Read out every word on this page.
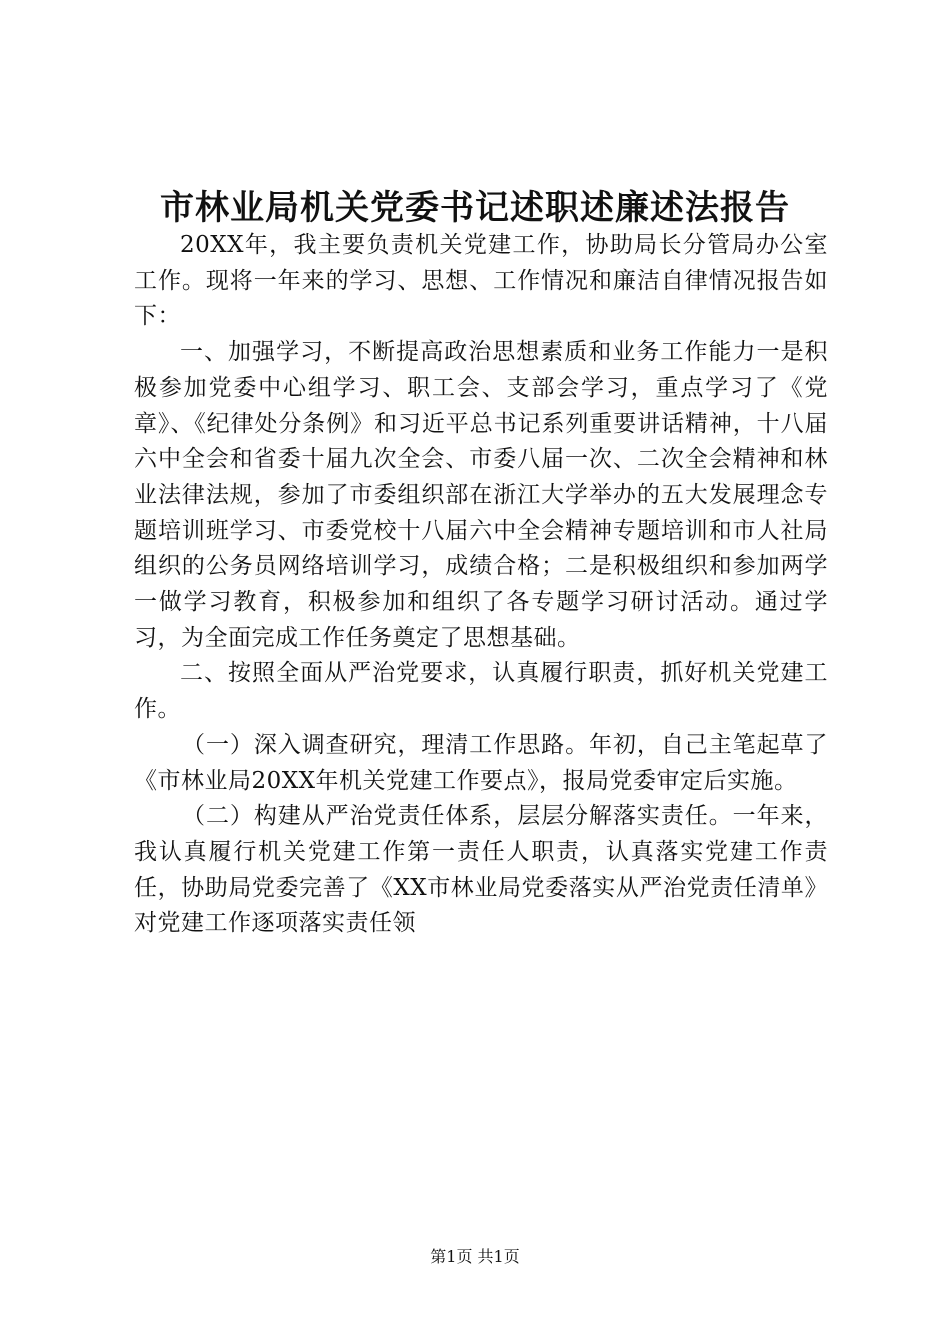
市林业局机关党委书记述职述廉述法报告

20XX年，我主要负责机关党建工作，协助局长分管局办公室工作。现将一年来的学习、思想、工作情况和廉洁自律情况报告如下：

一、加强学习，不断提高政治思想素质和业务工作能力一是积极参加党委中心组学习、职工会、支部会学习，重点学习了《党章》、《纪律处分条例》和习近平总书记系列重要讲话精神，十八届六中全会和省委十届九次全会、市委八届一次、二次全会精神和林业法律法规，参加了市委组织部在浙江大学举办的五大发展理念专题培训班学习、市委党校十八届六中全会精神专题培训和市人社局组织的公务员网络培训学习，成绩合格；二是积极组织和参加两学一做学习教育，积极参加和组织了各专题学习研讨活动。通过学习，为全面完成工作任务奠定了思想基础。

二、按照全面从严治党要求，认真履行职责，抓好机关党建工作。

（一）深入调查研究，理清工作思路。年初，自己主笔起草了《市林业局20XX年机关党建工作要点》，报局党委审定后实施。

（二）构建从严治党责任体系，层层分解落实责任。一年来，我认真履行机关党建工作第一责任人职责，认真落实党建工作责任，协助局党委完善了《XX市林业局党委落实从严治党责任清单》对党建工作逐项落实责任领

第1页 共1页
